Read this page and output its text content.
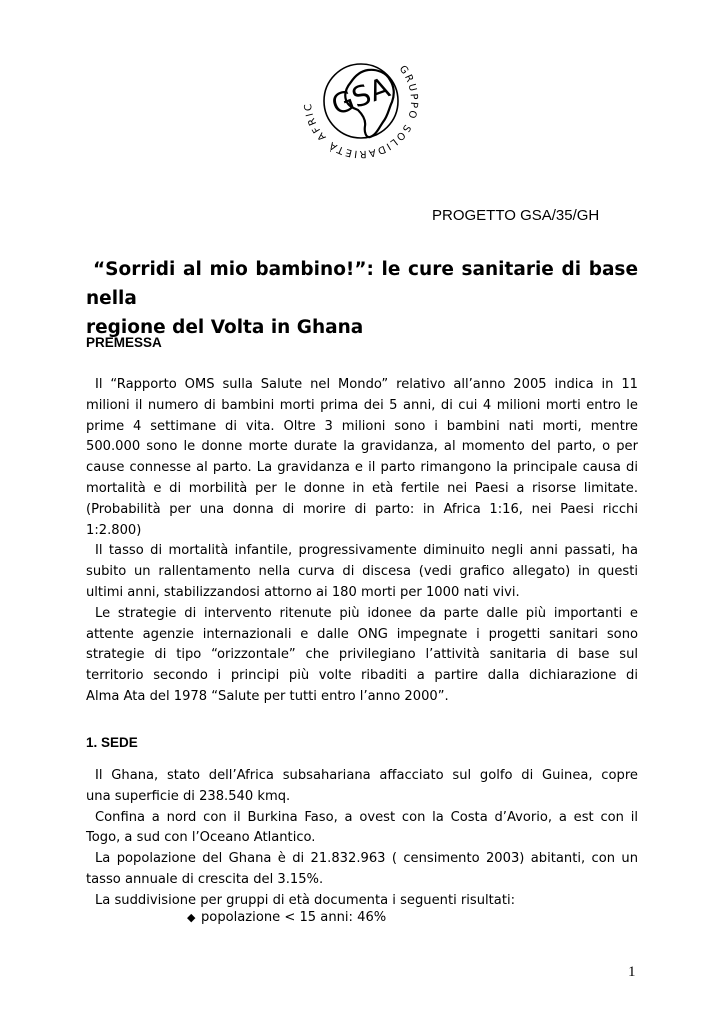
GRUPPO SOLIDARIETÀ AFRIC GSA
PROGETTO GSA/35/GH
“Sorridi al mio bambino!”: le cure sanitarie di base nella
regione del Volta in Ghana
PREMESSA
Il “Rapporto OMS sulla Salute nel Mondo” relativo all’anno 2005 indica in 11
milioni il numero di bambini morti prima dei 5 anni, di cui 4 milioni morti entro le
prime 4 settimane di vita. Oltre 3 milioni sono i bambini nati morti, mentre
500.000 sono le donne morte durate la gravidanza, al momento del parto, o per
cause connesse al parto. La gravidanza e il parto rimangono la principale causa di
mortalità e di morbilità per le donne in età fertile nei Paesi a risorse limitate.
(Probabilità per una donna di morire di parto: in Africa 1:16, nei Paesi ricchi
1:2.800)
Il tasso di mortalità infantile, progressivamente diminuito negli anni passati, ha
subito un rallentamento nella curva di discesa (vedi grafico allegato) in questi
ultimi anni, stabilizzandosi attorno ai 180 morti per 1000 nati vivi.
Le strategie di intervento ritenute più idonee da parte dalle più importanti e
attente agenzie internazionali e dalle ONG impegnate i progetti sanitari sono
strategie di tipo “orizzontale” che privilegiano l’attività sanitaria di base sul
territorio secondo i principi più volte ribaditi a partire dalla dichiarazione di
Alma Ata del 1978 “Salute per tutti entro l’anno 2000”.
1. SEDE
Il Ghana, stato dell’Africa subsahariana affacciato sul golfo di Guinea, copre
una superficie di 238.540 kmq.
Confina a nord con il Burkina Faso, a ovest con la Costa d’Avorio, a est con il
Togo, a sud con l’Oceano Atlantico.
La popolazione del Ghana è di 21.832.963 ( censimento 2003) abitanti, con un
tasso annuale di crescita del 3.15%.
La suddivisione per gruppi di età documenta i seguenti risultati:
◆ popolazione < 15 anni: 46%
1
